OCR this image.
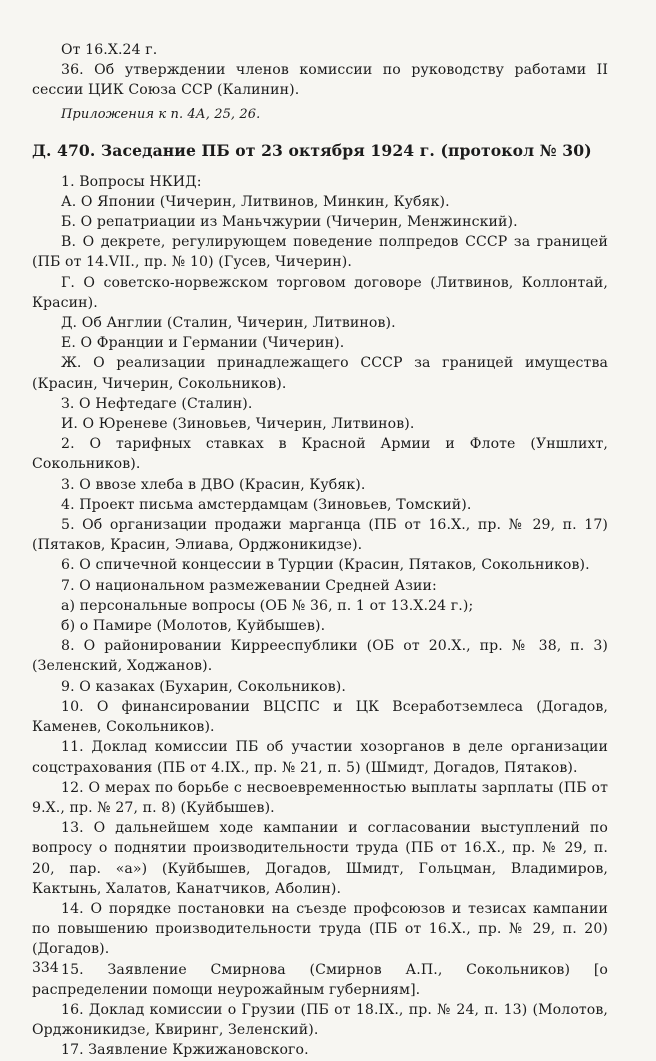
От 16.X.24 г.

36. Об утверждении членов комиссии по руководству работами II сессии ЦИК Союза ССР (Калинин).

Приложения к п. 4А, 25, 26.

Д. 470. Заседание ПБ от 23 октября 1924 г. (протокол № 30)

1. Вопросы НКИД:

А. О Японии (Чичерин, Литвинов, Минкин, Кубяк).

Б. О репатриации из Маньчжурии (Чичерин, Менжинский).

В. О декрете, регулирующем поведение полпредов СССР за границей (ПБ от 14.VII., пр. № 10) (Гусев, Чичерин).

Г. О советско-норвежском торговом договоре (Литвинов, Коллонтай, Красин).

Д. Об Англии (Сталин, Чичерин, Литвинов).

Е. О Франции и Германии (Чичерин).

Ж. О реализации принадлежащего СССР за границей имущества (Красин, Чичерин, Сокольников).

З. О Нефтедаге (Сталин).

И. О Юреневе (Зиновьев, Чичерин, Литвинов).

2. О тарифных ставках в Красной Армии и Флоте (Уншлихт, Сокольников).

3. О ввозе хлеба в ДВО (Красин, Кубяк).

4. Проект письма амстердамцам (Зиновьев, Томский).

5. Об организации продажи марганца (ПБ от 16.X., пр. № 29, п. 17) (Пятаков, Красин, Элиава, Орджоникидзе).

6. О спичечной концессии в Турции (Красин, Пятаков, Сокольников).

7. О национальном размежевании Средней Азии:

а) персональные вопросы (ОБ № 36, п. 1 от 13.X.24 г.);

б) о Памире (Молотов, Куйбышев).

8. О районировании Киррееспублики (ОБ от 20.X., пр. № 38, п. 3) (Зеленский, Ходжанов).

9. О казаках (Бухарин, Сокольников).

10. О финансировании ВЦСПС и ЦК Всеработземлеса (Догадов, Каменев, Сокольников).

11. Доклад комиссии ПБ об участии хозорганов в деле организации соцстрахования (ПБ от 4.IX., пр. № 21, п. 5) (Шмидт, Догадов, Пятаков).

12. О мерах по борьбе с несвоевременностью выплаты зарплаты (ПБ от 9.X., пр. № 27, п. 8) (Куйбышев).

13. О дальнейшем ходе кампании и согласовании выступлений по вопросу о поднятии производительности труда (ПБ от 16.X., пр. № 29, п. 20, пар. «а») (Куйбышев, Догадов, Шмидт, Гольцман, Владимиров, Кактынь, Халатов, Канатчиков, Аболин).

14. О порядке постановки на съезде профсоюзов и тезисах кампании по повышению производительности труда (ПБ от 16.X., пр. № 29, п. 20) (Догадов).

15. Заявление Смирнова (Смирнов А.П., Сокольников) [о распределении помощи неурожайным губерниям].

16. Доклад комиссии о Грузии (ПБ от 18.IX., пр. № 24, п. 13) (Молотов, Орджоникидзе, Квиринг, Зеленский).

17. Заявление Кржижановского.

334
